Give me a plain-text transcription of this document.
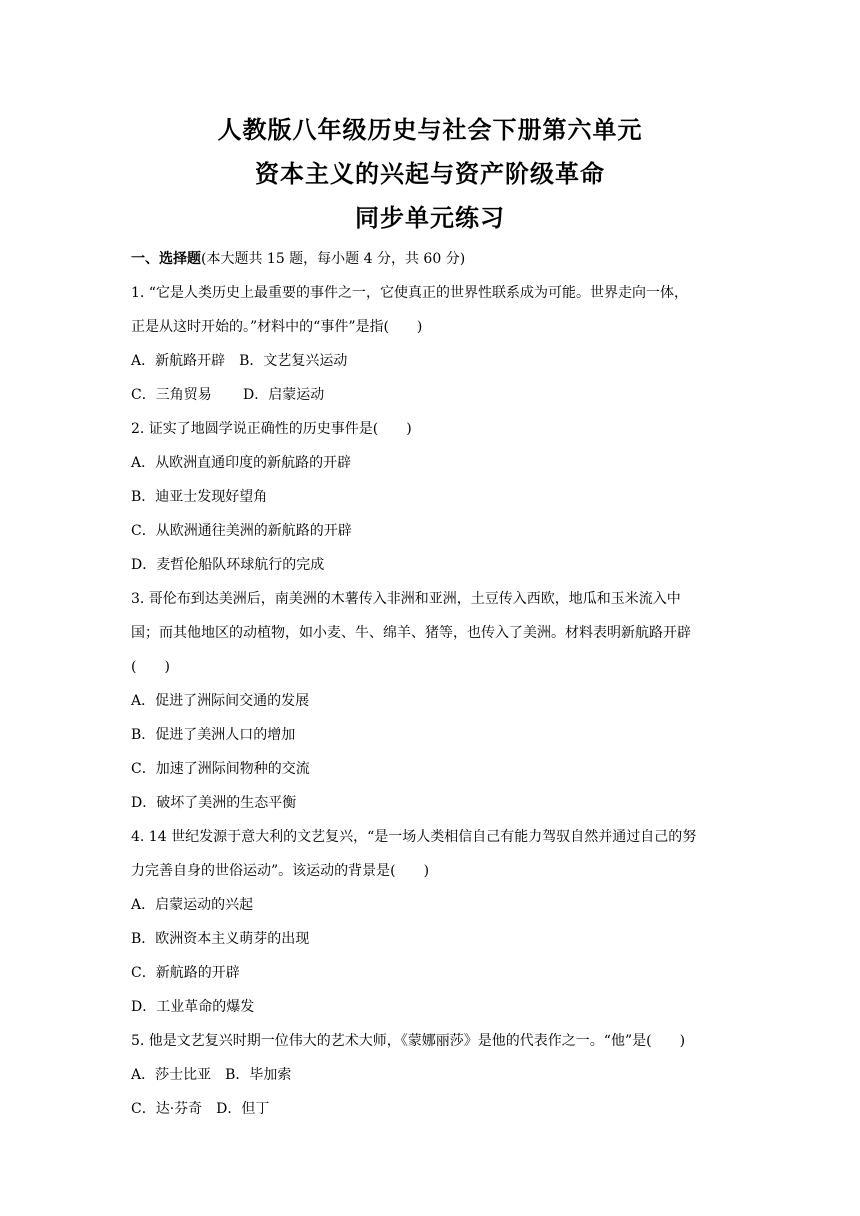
人教版八年级历史与社会下册第六单元
资本主义的兴起与资产阶级革命
同步单元练习
一、选择题(本大题共 15 题，每小题 4 分，共 60 分)
1. “它是人类历史上最重要的事件之一，它使真正的世界性联系成为可能。世界走向一体，
正是从这时开始的。”材料中的“事件”是指(　　)
A．新航路开辟 B．文艺复兴运动
C．三角贸易	D．启蒙运动
2. 证实了地圆学说正确性的历史事件是(　　)
A．从欧洲直通印度的新航路的开辟
B．迪亚士发现好望角
C．从欧洲通往美洲的新航路的开辟
D．麦哲伦船队环球航行的完成
3. 哥伦布到达美洲后，南美洲的木薯传入非洲和亚洲，土豆传入西欧，地瓜和玉米流入中
国；而其他地区的动植物，如小麦、牛、绵羊、猪等，也传入了美洲。材料表明新航路开辟
(　　)
A．促进了洲际间交通的发展
B．促进了美洲人口的增加
C．加速了洲际间物种的交流
D．破坏了美洲的生态平衡
4. 14 世纪发源于意大利的文艺复兴，“是一场人类相信自己有能力驾驭自然并通过自己的努
力完善自身的世俗运动”。该运动的背景是(　　)
A．启蒙运动的兴起
B．欧洲资本主义萌芽的出现
C．新航路的开辟
D．工业革命的爆发
5. 他是文艺复兴时期一位伟大的艺术大师，《蒙娜丽莎》是他的代表作之一。“他”是(　　)
A．莎士比亚 B．毕加索
C．达·芬奇 D．但丁
